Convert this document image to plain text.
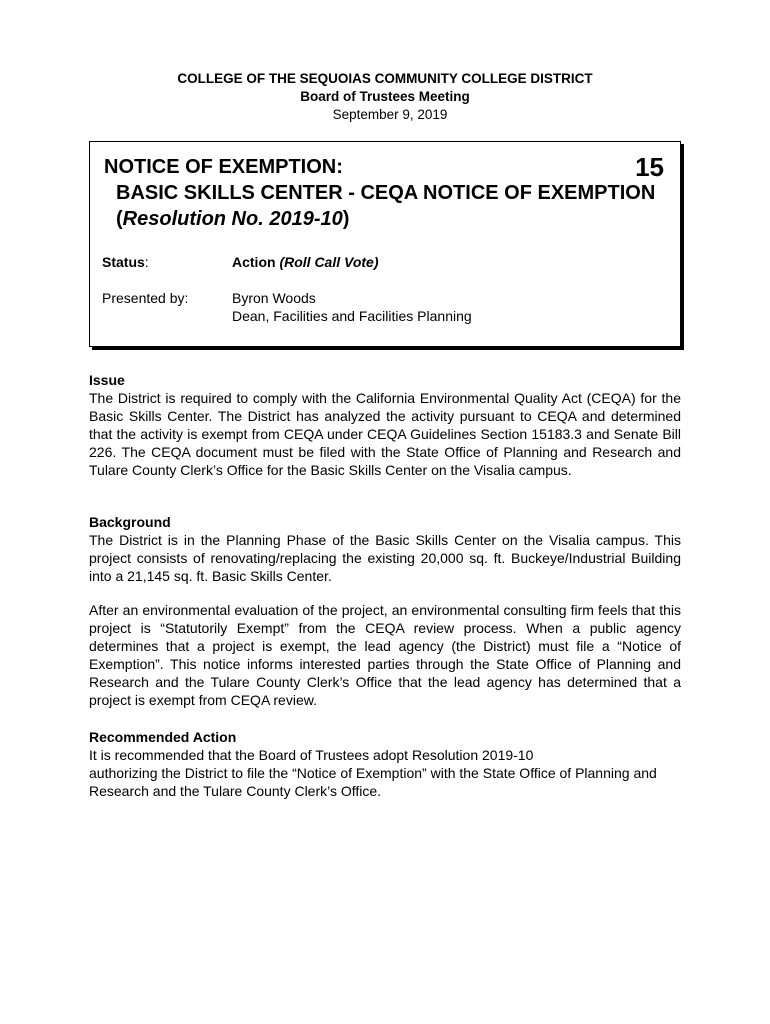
COLLEGE OF THE SEQUOIAS COMMUNITY COLLEGE DISTRICT
Board of Trustees Meeting
September 9, 2019
NOTICE OF EXEMPTION:	15
BASIC SKILLS CENTER - CEQA NOTICE OF EXEMPTION
(Resolution No. 2019-10)
Status:	Action (Roll Call Vote)
Presented by:	Byron Woods
Dean, Facilities and Facilities Planning
Issue

The District is required to comply with the California Environmental Quality Act (CEQA) for the Basic Skills Center. The District has analyzed the activity pursuant to CEQA and determined that the activity is exempt from CEQA under CEQA Guidelines Section 15183.3 and Senate Bill 226. The CEQA document must be filed with the State Office of Planning and Research and Tulare County Clerk’s Office for the Basic Skills Center on the Visalia campus.

Background

The District is in the Planning Phase of the Basic Skills Center on the Visalia campus. This project consists of renovating/replacing the existing 20,000 sq. ft. Buckeye/Industrial Building into a 21,145 sq. ft. Basic Skills Center.

After an environmental evaluation of the project, an environmental consulting firm feels that this project is “Statutorily Exempt” from the CEQA review process. When a public agency determines that a project is exempt, the lead agency (the District) must file a “Notice of Exemption”. This notice informs interested parties through the State Office of Planning and Research and the Tulare County Clerk’s Office that the lead agency has determined that a project is exempt from CEQA review.

Recommended Action

It is recommended that the Board of Trustees adopt Resolution 2019-10

authorizing the District to file the “Notice of Exemption” with the State Office of Planning and Research and the Tulare County Clerk’s Office.
